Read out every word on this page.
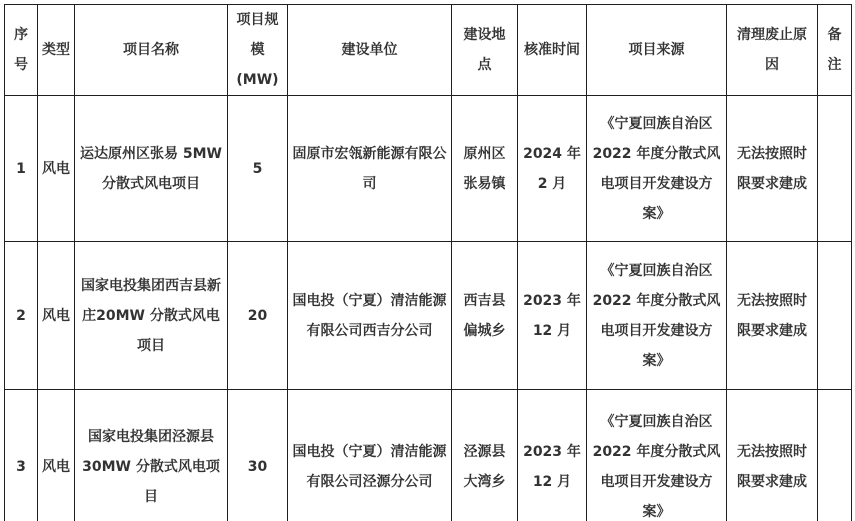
序号	类型	项目名称	项目规模(MW)	建设单位	建设地点	核准时间	项目来源	清理废止原因	备注
1	风电	运达原州区张易 5MW 分散式风电项目	5	固原市宏瓴新能源有限公司	原州区张易镇	2024 年 2 月	《宁夏回族自治区2022 年度分散式风电项目开发建设方案》	无法按照时限要求建成	
2	风电	国家电投集团西吉县新庄20MW 分散式风电项目	20	国电投（宁夏）清洁能源有限公司西吉分公司	西吉县偏城乡	2023 年 12 月	《宁夏回族自治区2022 年度分散式风电项目开发建设方案》	无法按照时限要求建成	
3	风电	国家电投集团泾源县30MW 分散式风电项目	30	国电投（宁夏）清洁能源有限公司泾源分公司	泾源县大湾乡	2023 年 12 月	《宁夏回族自治区2022 年度分散式风电项目开发建设方案》	无法按照时限要求建成	
